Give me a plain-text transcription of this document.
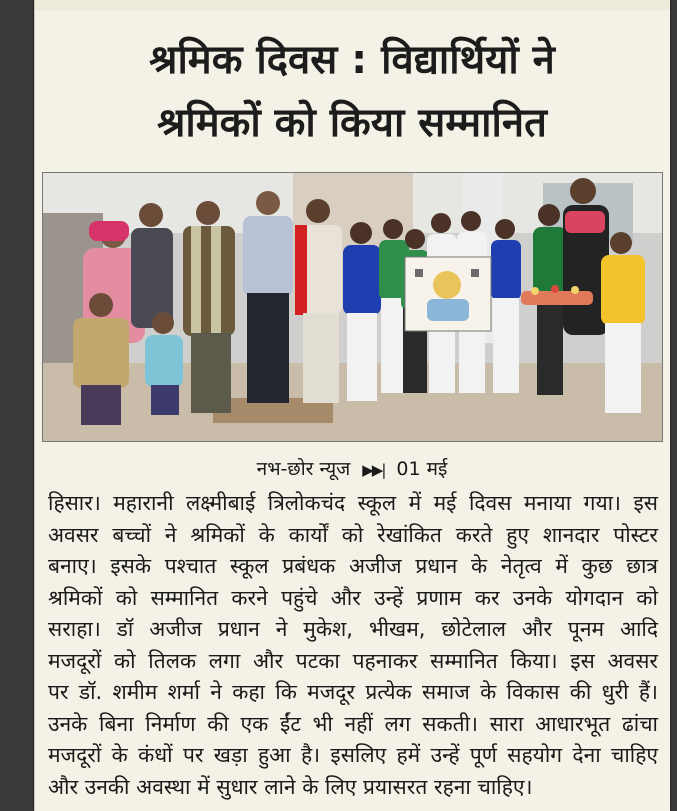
श्रमिक दिवस : विद्यार्थियों ने
श्रमिकों को किया सम्मानित
नभ-छोर न्यूज ▶▶| 01 मई
हिसार। महारानी लक्ष्मीबाई त्रिलोकचंद स्कूल में मई दिवस मनाया गया। इस
अवसर बच्चों ने श्रमिकों के कार्यों को रेखांकित करते हुए शानदार पोस्टर
बनाए। इसके पश्चात स्कूल प्रबंधक अजीज प्रधान के नेतृत्व में कुछ छात्र
श्रमिकों को सम्मानित करने पहुंचे और उन्हें प्रणाम कर उनके योगदान को
सराहा। डॉ अजीज प्रधान ने मुकेश, भीखम, छोटेलाल और पूनम आदि
मजदूरों को तिलक लगा और पटका पहनाकर सम्मानित किया। इस अवसर
पर डॉ. शमीम शर्मा ने कहा कि मजदूर प्रत्येक समाज के विकास की धुरी हैं।
उनके बिना निर्माण की एक ईंट भी नहीं लग सकती। सारा आधारभूत ढांचा
मजदूरों के कंधों पर खड़ा हुआ है। इसलिए हमें उन्हें पूर्ण सहयोग देना चाहिए
और उनकी अवस्था में सुधार लाने के लिए प्रयासरत रहना चाहिए।
